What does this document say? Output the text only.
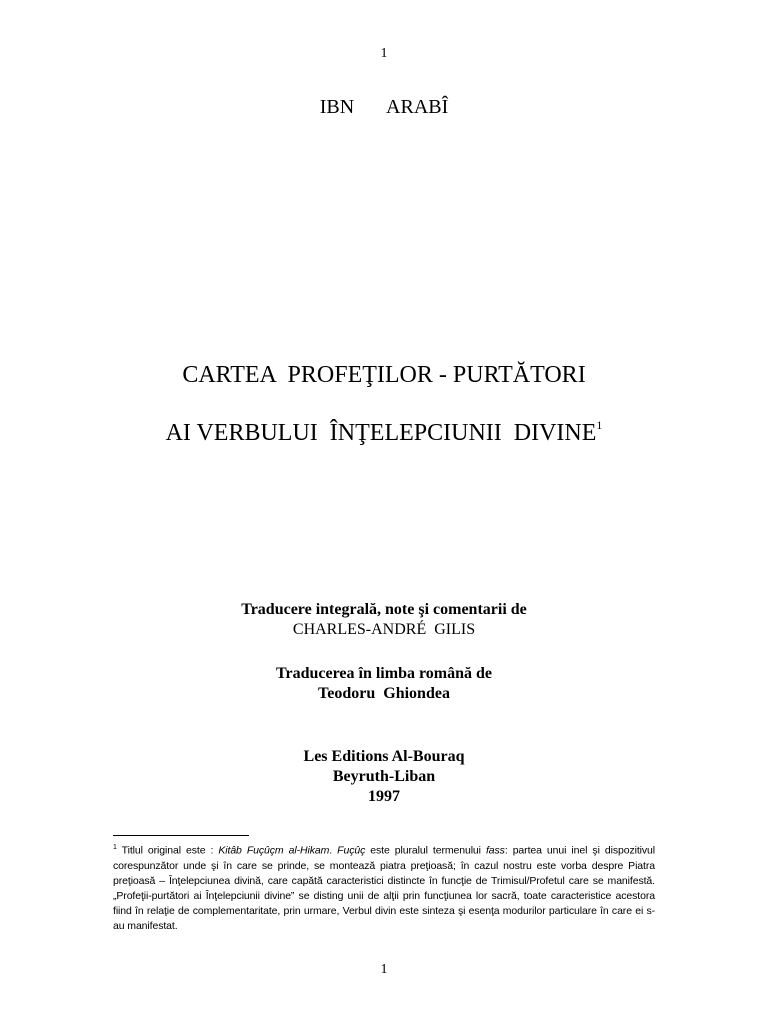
1
IBN   ARABÎ
CARTEA  PROFEŢILOR - PURTĂTORI
AI VERBULUI  ÎNŢELEPCIUNII  DIVINE$^1$
Traducere integrală, note şi comentarii de
CHARLES-ANDRÉ  GILIS
Traducerea în limba română de
Teodoru  Ghiondea
Les Editions Al-Bouraq
Beyruth-Liban
1997
$^1$ Titlul original este : Kitâb Fuçûçm al-Hikam. Fuçûç este pluralul termenului fass: partea unui inel şi dispozitivul corespunzător unde şi în care se prinde, se montează piatra preţioasă; în cazul nostru este vorba despre Piatra preţioasă – Înţelepciunea divină, care capătă caracteristici distincte în funcţie de Trimisul/Profetul care se manifestă. „Profeţii-purtători ai Înţelepciunii divine” se disting unii de alţii prin funcţiunea lor sacră, toate caracteristice acestora fiind în relaţie de complementaritate, prin urmare, Verbul divin este sinteza şi esenţa modurilor particulare în care ei s-au manifestat.
1
